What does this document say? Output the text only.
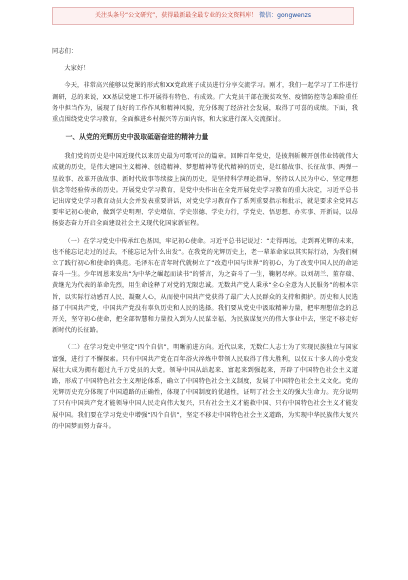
关注头条号“公文研究”，获得最新最全最专业的公文资料库！ 微信：gongwenzs

同志们：

大家好！

今天，非常高兴能够以党课的形式和XX党政班子成员进行分享交流学习。刚才，我们一起学习了工作进行调研，总的来说，XX基层党建工作开展得有特色、有成效。广大党员干部在脱贫攻坚、疫情防控等急难险重任务中担当作为，展现了良好的工作作风和精神风貌，充分体现了经济社会发展，取得了可喜的成绩。下面，我重点围绕党史学习教育，全面推进乡村振兴等方面内容，和大家进行深入交流探讨。

一、从党的光辉历史中汲取砥砺奋进的精神力量

我们党的历史是中国近现代以来历史最为可歌可泣的篇章。回眸百年党史，是披荆斩棘开创伟业铸就伟大成就的历史，是伟大建国主义精神、创造精神、梦想精神等优代精神的历史，是红船故事、长征故事、两弹一星故事、改革开放故事、新时代故事等续接上演的历史，是坚持科学理论指导，坚持以人民为中心、坚定理想信念等经验传承的历史。开展党史学习教育，是党中央作出在全党开展党史学习教育的重大决定，习近平总书记出席党史学习教育动员大会并发表重要讲话，对党史学习教育作了系列重要指示和批示，就是要求全党同志要牢记初心使命，做到学史明理、学史增信、学史崇德、学史力行，学党史、悟思想、办实事、开新局，以昂扬姿态奋力开启全面建设社会主义现代化国家新征程。

（一）在学习党史中传承红色基因，牢记初心使命。习近平总书记说过：“走得再远，走到再光辉的未来，也不能忘记走过的过去，不能忘记为什么出发”。在我党的光辉历史上，老一辈革命家以其实际行动，为我们树立了践行初心和使命的典范。毛泽东在青年时代就树立了“改造中国与世界”的初心，为了改变中国人民的命运奋斗一生。少年周恩来发出“为中华之崛起而读书”的誓言，为之奋斗了一生，鞠躬尽瘁。以刘胡兰、董存瑞、黄继光为代表的革命先烈，用生命诠释了对党的无限忠诚。无数共产党人秉承“全心全意为人民服务”的根本宗旨，以实际行动感召人民、凝聚人心，从而使中国共产党获得了最广大人民群众的支持和拥护。历史和人民选择了中国共产党，中国共产党没有辜负历史和人民的选择。我们要从党史中汲取精神力量，把牢理想信念的总开关，坚守初心使命，把全部智慧和力量投入到为人民谋幸福、为民族谋复兴的伟大事业中去，坚定不移走好新时代的长征路。

（二）在学习党史中坚定“四个自信”，明晰前进方向。近代以来，无数仁人志士为了实现民族独立与国家富强，进行了不懈探索。只有中国共产党在百年浴火淬炼中带领人民取得了伟大胜利，以仅五十多人的小党发展壮大成为拥有超过九千万党员的大党。领导中国从站起来、富起来到强起来，开辟了中国特色社会主义道路，形成了中国特色社会主义理论体系，确立了中国特色社会主义制度，发展了中国特色社会主义文化。党的光辉历史充分体现了中国道路的正确性，体现了中国制度的优越性，证明了社会主义的强大生命力。充分说明了只有中国共产党才能领导中国人民走向伟大复兴，只有社会主义才能救中国、只有中国特色社会主义才能发展中国。我们要在学习党史中增强“四个自信”，坚定不移走中国特色社会主义道路，为实现中华民族伟大复兴的中国梦而努力奋斗。
